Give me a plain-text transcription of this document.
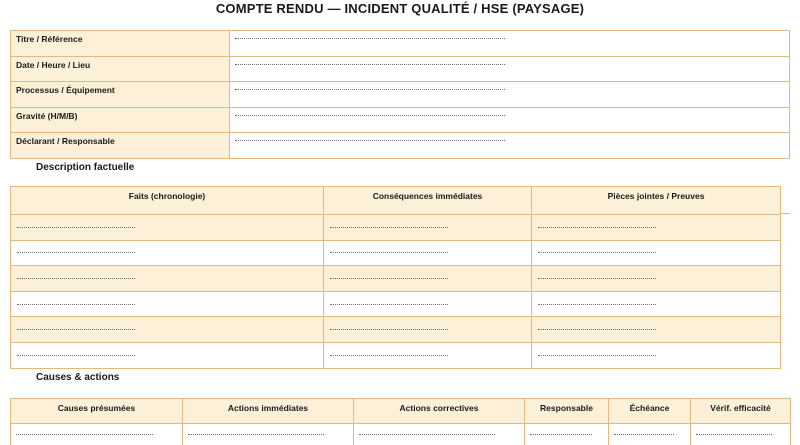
COMPTE RENDU — INCIDENT QUALITÉ / HSE (PAYSAGE)
Titre / Référence	

Date / Heure / Lieu	

Processus / Équipement	

Gravité (H/M/B)	

Déclarant / Responsable	
Description factuelle
Faits (chronologie)	Conséquences immédiates	Pièces jointes / Preuves

Causes & actions
Causes présumées	Actions immédiates	Actions correctives	Responsable	Échéance	Vérif. efficacité
